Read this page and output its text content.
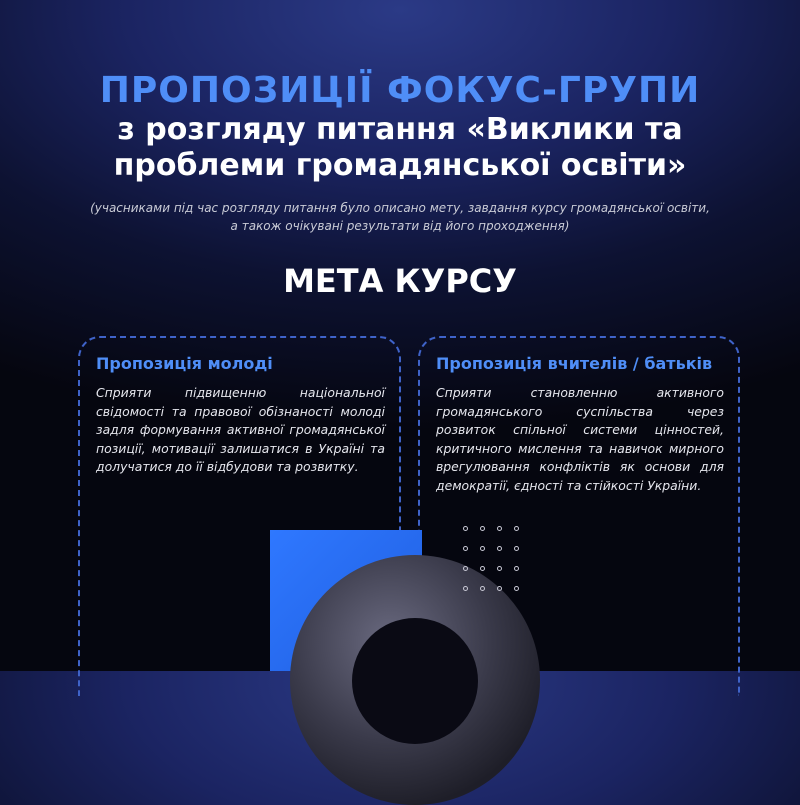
ПРОПОЗИЦІЇ ФОКУС-ГРУПИ
з розгляду питання «Виклики та
проблеми громадянської освіти»

(учасниками під час розгляду питання було описано мету, завдання курсу громадянської освіти,

а також очікувані результати від його проходження)

МЕТА КУРСУ
Пропозиція молоді

Сприяти підвищенню національної свідомості та правової обізнаності молоді задля формування активної громадянської позиції, мотивації залишатися в Україні та долучатися до її відбудови та розвитку.

Пропозиція вчителів / батьків

Сприяти становленню активного громадянського суспільства через розвиток спільної системи цінностей, критичного мислення та навичок мирного врегулювання конфліктів як основи для демократії, єдності та стійкості України.
